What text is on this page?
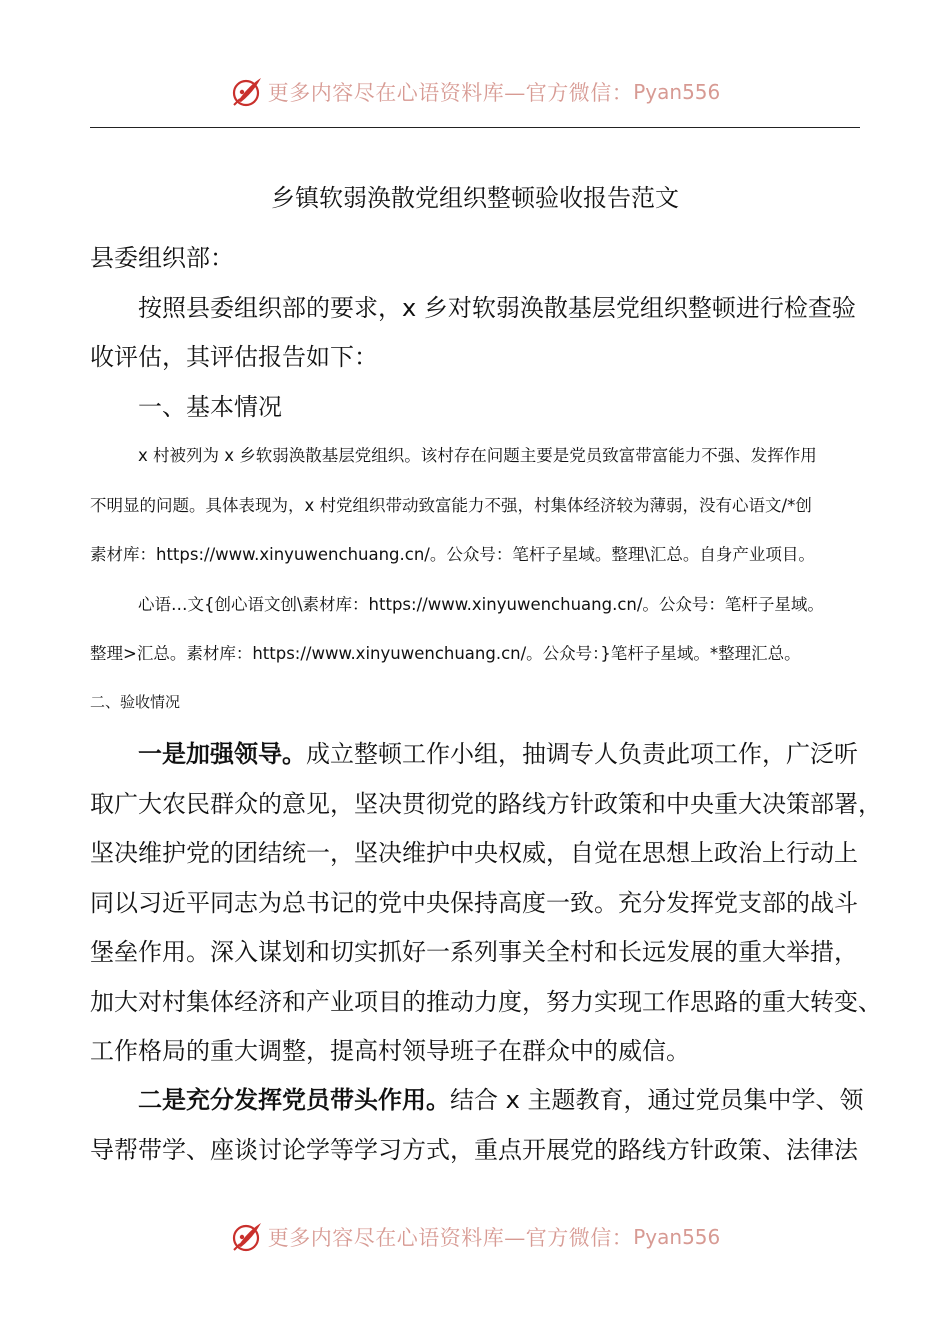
更多内容尽在心语资料库—官方微信： Pyan556
乡镇软弱涣散党组织整顿验收报告范文
县委组织部：
按照县委组织部的要求，x 乡对软弱涣散基层党组织整顿进行检查验
收评估，其评估报告如下：
一、基本情况
x 村被列为 x 乡软弱涣散基层党组织。该村存在问题主要是党员致富带富能力不强、发挥作用
不明显的问题。具体表现为，x 村党组织带动致富能力不强，村集体经济较为薄弱，没有心语文/*创
素材库：https://www.xinyuwenchuang.cn/。公众号：笔杆子星域。整理\汇总。自身产业项目。
心语…文{创心语文创\素材库：https://www.xinyuwenchuang.cn/。公众号：笔杆子星域。
整理>汇总。素材库：https://www.xinyuwenchuang.cn/。公众号：}笔杆子星域。*整理汇总。
二、验收情况
一是加强领导。成立整顿工作小组，抽调专人负责此项工作，广泛听
取广大农民群众的意见，坚决贯彻党的路线方针政策和中央重大决策部署，
坚决维护党的团结统一，坚决维护中央权威，自觉在思想上政治上行动上
同以习近平同志为总书记的党中央保持高度一致。充分发挥党支部的战斗
堡垒作用。深入谋划和切实抓好一系列事关全村和长远发展的重大举措，
加大对村集体经济和产业项目的推动力度，努力实现工作思路的重大转变、
工作格局的重大调整，提高村领导班子在群众中的威信。
二是充分发挥党员带头作用。结合 x 主题教育，通过党员集中学、领
导帮带学、座谈讨论学等学习方式，重点开展党的路线方针政策、法律法
更多内容尽在心语资料库—官方微信： Pyan556
